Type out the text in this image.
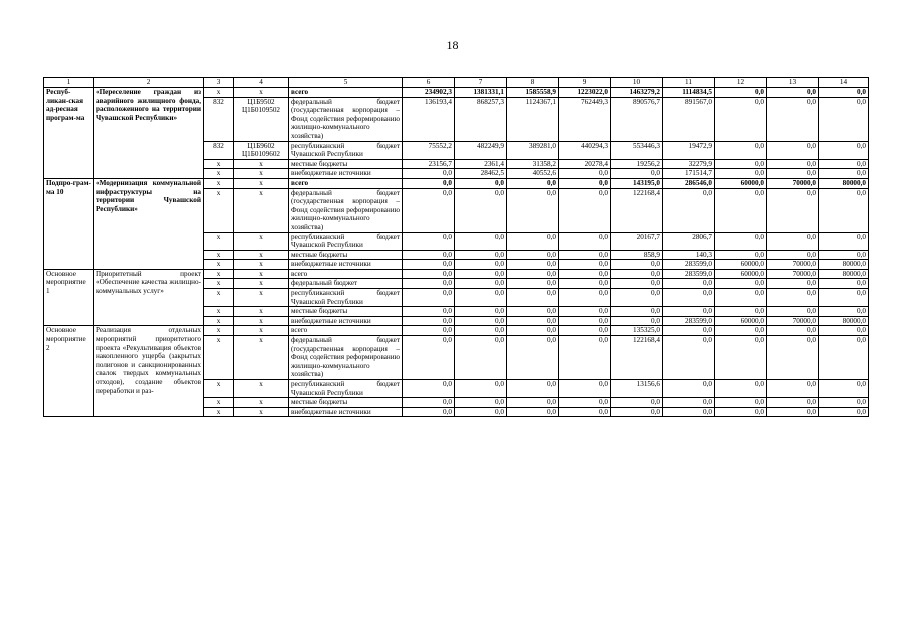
18
1	2	3	4	5	6	7	8	9	10	11	12	13	14
Респуб-ликан-ская ад-ресная програм-ма	«Переселение граждан из аварийного жилищного фонда, расположенного на территории Чувашской Республики»	х	х	всего	234902,3	1381331,1	1585558,9	1223022,0	1463279,2	1114834,5	0,0	0,0	0,0
		832	Ц1Б9502 Ц1Б0109502	федеральный бюджет (государственная корпорация – Фонд содействия реформированию жилищно-коммунального хозяйства)	136193,4	868257,3	1124367,1	762449,3	890576,7	891567,0	0,0	0,0	0,0
		832	Ц1Б9602 Ц1Б0109602	республиканский бюджет Чувашской Республики	75552,2	482249,9	389281,0	440294,3	553446,3	19472,9	0,0	0,0	0,0
		х	х	местные бюджеты	23156,7	2361,4	31358,2	20278,4	19256,2	32279,9	0,0	0,0	0,0
		х	х	внебюджетные источники	0,0	28462,5	40552,6	0,0	0,0	171514,7	0,0	0,0	0,0
Подпро-грам-ма 10	«Модернизация коммунальной инфраструктуры на территории Чувашской Республики»	х	х	всего	0,0	0,0	0,0	0,0	143195,0	286546,0	60000,0	70000,0	80000,0
		х	х	федеральный бюджет (государственная корпорация – Фонд содействия реформированию жилищно-коммунального хозяйства)	0,0	0,0	0,0	0,0	122168,4	0,0	0,0	0,0	0,0
		х	х	республиканский бюджет Чувашской Республики	0,0	0,0	0,0	0,0	20167,7	2806,7	0,0	0,0	0,0
		х	х	местные бюджеты	0,0	0,0	0,0	0,0	858,9	140,3	0,0	0,0	0,0
		х	х	внебюджетные источники	0,0	0,0	0,0	0,0	0,0	283599,0	60000,0	70000,0	80000,0
Основное мероприятие 1	Приоритетный проект «Обеспечение качества жилищно-коммунальных услуг»	х	х	всего	0,0	0,0	0,0	0,0	0,0	283599,0	60000,0	70000,0	80000,0
		х	х	федеральный бюджет	0,0	0,0	0,0	0,0	0,0	0,0	0,0	0,0	0,0
		х	х	республиканский бюджет Чувашской Республики	0,0	0,0	0,0	0,0	0,0	0,0	0,0	0,0	0,0
		х	х	местные бюджеты	0,0	0,0	0,0	0,0	0,0	0,0	0,0	0,0	0,0
		х	х	внебюджетные источники	0,0	0,0	0,0	0,0	0,0	283599,0	60000,0	70000,0	80000,0
Основное мероприятие 2	Реализация отдельных мероприятий приоритетного проекта «Рекультивация объектов накопленного ущерба (закрытых полигонов и санкционированных свалок твердых коммунальных отходов), создание объектов переработки и раз-	х	х	всего	0,0	0,0	0,0	0,0	135325,0	0,0	0,0	0,0	0,0
		х	х	федеральный бюджет (государственная корпорация – Фонд содействия реформированию жилищно-коммунального хозяйства)	0,0	0,0	0,0	0,0	122168,4	0,0	0,0	0,0	0,0
		х	х	республиканский бюджет Чувашской Республики	0,0	0,0	0,0	0,0	13156,6	0,0	0,0	0,0	0,0
		х	х	местные бюджеты	0,0	0,0	0,0	0,0	0,0	0,0	0,0	0,0	0,0
		х	х	внебюджетные источники	0,0	0,0	0,0	0,0	0,0	0,0	0,0	0,0	0,0
